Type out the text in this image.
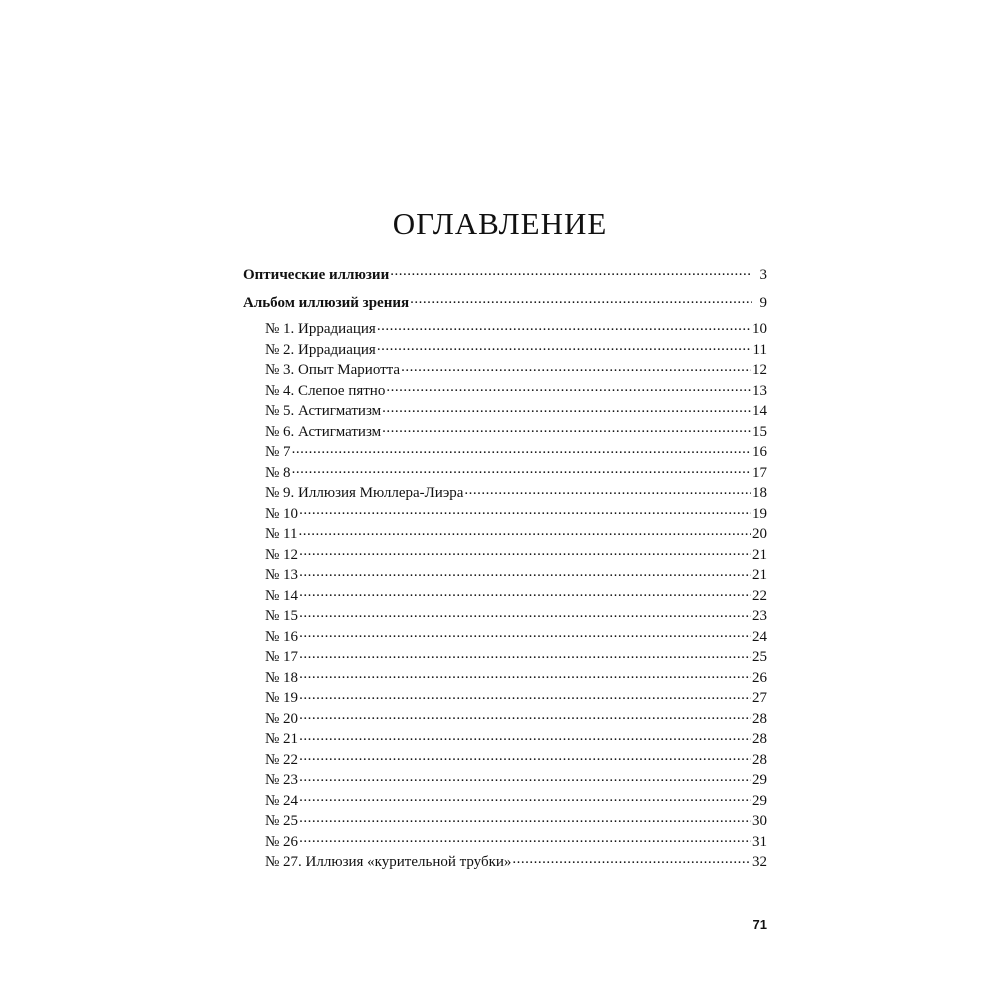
ОГЛАВЛЕНИЕ
Оптические иллюзии .....	3
Альбом иллюзий зрения .....	9
№ 1. Иррадиация .....	10
№ 2. Иррадиация .....	11
№ 3. Опыт Мариотта .....	12
№ 4. Слепое пятно .....	13
№ 5. Астигматизм .....	14
№ 6. Астигматизм .....	15
№ 7 .....	16
№ 8 .....	17
№ 9. Иллюзия Мюллера-Лиэра .....	18
№ 10 .....	19
№ 11 .....	20
№ 12 .....	21
№ 13 .....	21
№ 14 .....	22
№ 15 .....	23
№ 16 .....	24
№ 17 .....	25
№ 18 .....	26
№ 19 .....	27
№ 20 .....	28
№ 21 .....	28
№ 22 .....	28
№ 23 .....	29
№ 24 .....	29
№ 25 .....	30
№ 26 .....	31
№ 27. Иллюзия «курительной трубки» .....	32
71
